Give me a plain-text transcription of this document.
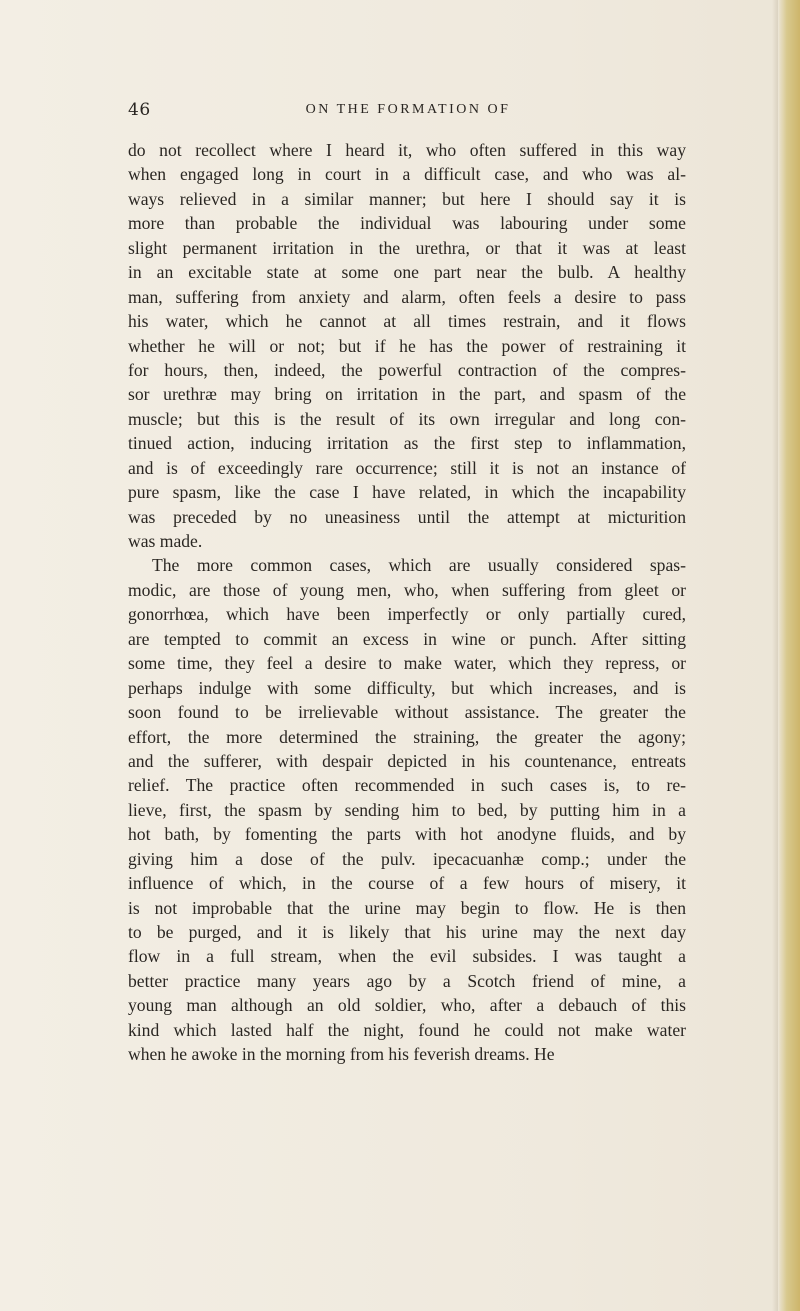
46	ON THE FORMATION OF
do not recollect where I heard it, who often suffered in this way
when engaged long in court in a difficult case, and who was al-
ways relieved in a similar manner; but here I should say it is
more than probable the individual was labouring under some
slight permanent irritation in the urethra, or that it was at least
in an excitable state at some one part near the bulb. A healthy
man, suffering from anxiety and alarm, often feels a desire to pass
his water, which he cannot at all times restrain, and it flows
whether he will or not; but if he has the power of restraining it
for hours, then, indeed, the powerful contraction of the compres-
sor urethræ may bring on irritation in the part, and spasm of the
muscle; but this is the result of its own irregular and long con-
tinued action, inducing irritation as the first step to inflammation,
and is of exceedingly rare occurrence; still it is not an instance of
pure spasm, like the case I have related, in which the incapability
was preceded by no uneasiness until the attempt at micturition
was made.
The more common cases, which are usually considered spas-
modic, are those of young men, who, when suffering from gleet or
gonorrhœa, which have been imperfectly or only partially cured,
are tempted to commit an excess in wine or punch. After sitting
some time, they feel a desire to make water, which they repress, or
perhaps indulge with some difficulty, but which increases, and is
soon found to be irrelievable without assistance. The greater the
effort, the more determined the straining, the greater the agony;
and the sufferer, with despair depicted in his countenance, entreats
relief. The practice often recommended in such cases is, to re-
lieve, first, the spasm by sending him to bed, by putting him in a
hot bath, by fomenting the parts with hot anodyne fluids, and by
giving him a dose of the pulv. ipecacuanhæ comp.; under the
influence of which, in the course of a few hours of misery, it
is not improbable that the urine may begin to flow. He is then
to be purged, and it is likely that his urine may the next day
flow in a full stream, when the evil subsides. I was taught a
better practice many years ago by a Scotch friend of mine, a
young man although an old soldier, who, after a debauch of this
kind which lasted half the night, found he could not make water
when he awoke in the morning from his feverish dreams. He
